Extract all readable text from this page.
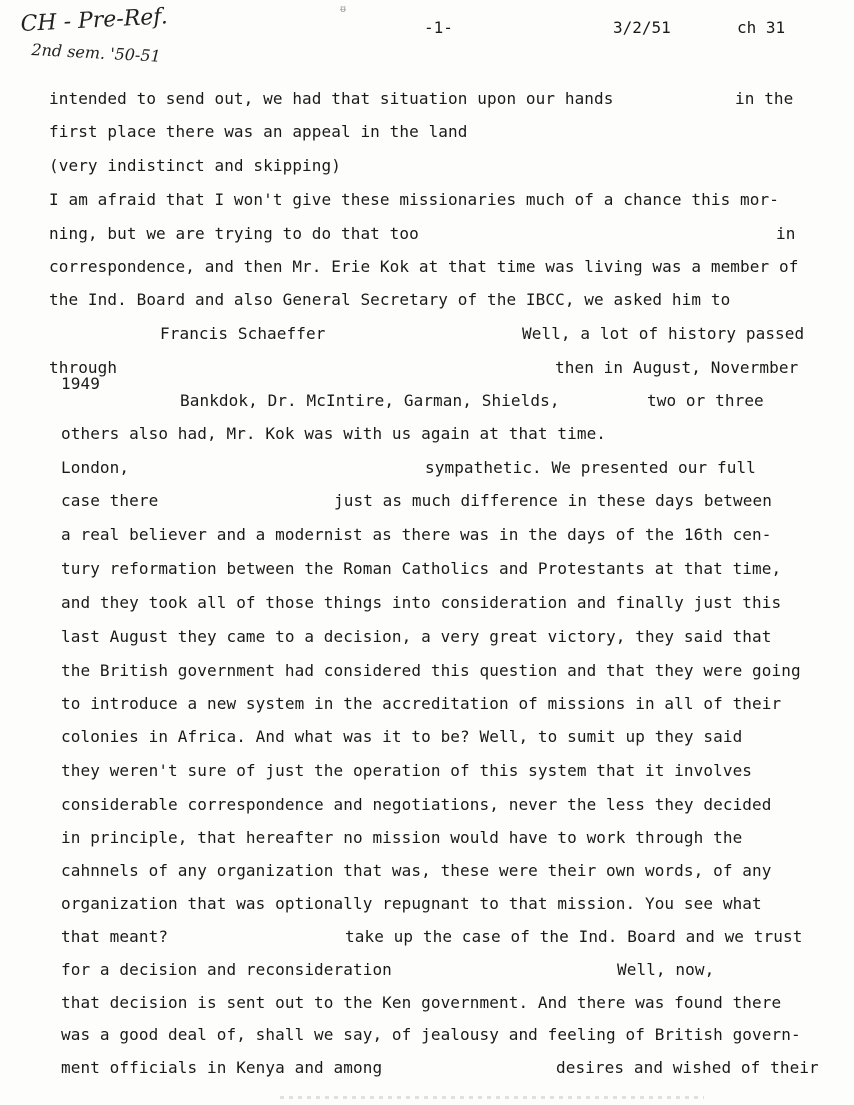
ᵿ
CH - Pre-Ref.
2nd sem. '50-51
-1-	3/2/51	ch 31
intended to send out, we had that situation upon our hands	in the
first place there was an appeal in the land
(very indistinct and skipping)
I am afraid that I won't give these missionaries much of a chance this mor-
ning, but we are trying to do that too	in
correspondence, and then Mr. Erie Kok at that time was living was a member of
the Ind. Board and also General Secretary of the IBCC, we asked him to
Francis Schaeffer	Well, a lot of history passed
through	then in August, Novermber
1949
Bankdok, Dr. McIntire, Garman, Shields,	two or three
others also had, Mr. Kok was with us again at that time.
London,	sympathetic. We presented our full
case there	just as much difference in these days between
a real believer and a modernist as there was in the days of the 16th cen-
tury reformation between the Roman Catholics and Protestants at that time,
and they took all of those things into consideration and finally just this
last August they came to a decision, a very great victory, they said that
the British government had considered this question and that they were going
to introduce a new system in the accreditation of missions in all of their
colonies in Africa. And what was it to be? Well, to sumit up they said
they weren't sure of just the operation of this system that it involves
considerable correspondence and negotiations, never the less they decided
in principle, that hereafter no mission would have to work through the
cahnnels of any organization that was, these were their own words, of any
organization that was optionally repugnant to that mission. You see what
that meant?	take up the case of the Ind. Board and we trust
for a decision and reconsideration	Well, now,
that decision is sent out to the Ken government. And there was found there
was a good deal of, shall we say, of jealousy and feeling of British govern-
ment officials in Kenya and among	desires and wished of their
